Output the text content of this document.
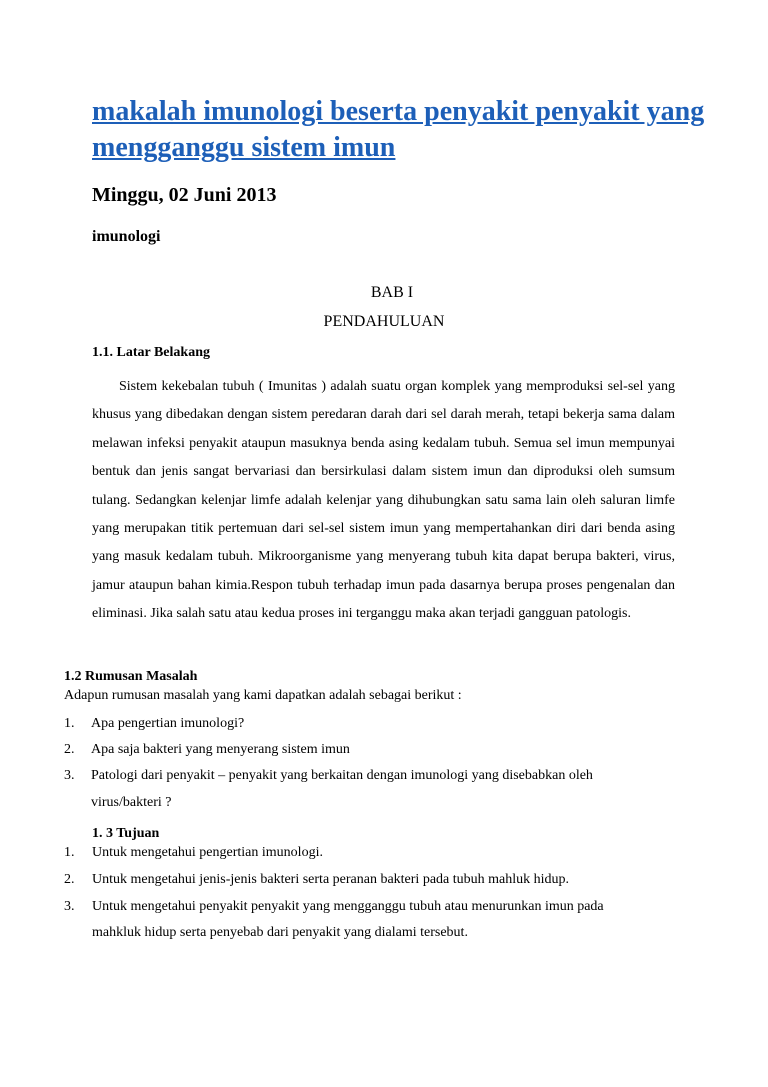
makalah imunologi beserta penyakit penyakit yang mengganggu sistem imun
Minggu, 02 Juni 2013
imunologi
BAB I
PENDAHULUAN
1.1. Latar Belakang

Sistem kekebalan tubuh ( Imunitas ) adalah suatu organ komplek yang memproduksi sel-sel yang khusus yang dibedakan dengan sistem peredaran darah dari sel darah merah, tetapi bekerja sama dalam melawan infeksi penyakit ataupun masuknya benda asing kedalam tubuh. Semua sel imun mempunyai bentuk dan jenis sangat bervariasi dan bersirkulasi dalam sistem imun dan diproduksi oleh sumsum tulang. Sedangkan kelenjar limfe adalah kelenjar yang dihubungkan satu sama lain oleh saluran limfe yang merupakan titik pertemuan dari sel-sel sistem imun yang mempertahankan diri dari benda asing yang masuk kedalam tubuh. Mikroorganisme yang menyerang tubuh kita dapat berupa bakteri, virus, jamur ataupun bahan kimia.Respon tubuh terhadap imun pada dasarnya berupa proses pengenalan dan eliminasi. Jika salah satu atau kedua proses ini terganggu maka akan terjadi gangguan patologis.

1.2 Rumusan Masalah
Adapun rumusan masalah yang kami dapatkan adalah sebagai berikut :
1. Apa pengertian imunologi?
2. Apa saja bakteri yang menyerang sistem imun
3. Patologi dari penyakit – penyakit yang berkaitan dengan imunologi yang disebabkan oleh
virus/bakteri ?
1. 3 Tujuan
1. Untuk mengetahui pengertian imunologi.
2. Untuk mengetahui jenis-jenis bakteri serta peranan bakteri pada tubuh mahluk hidup.
3. Untuk mengetahui penyakit penyakit yang mengganggu tubuh atau menurunkan imun pada
mahkluk hidup serta penyebab dari penyakit yang dialami tersebut.
